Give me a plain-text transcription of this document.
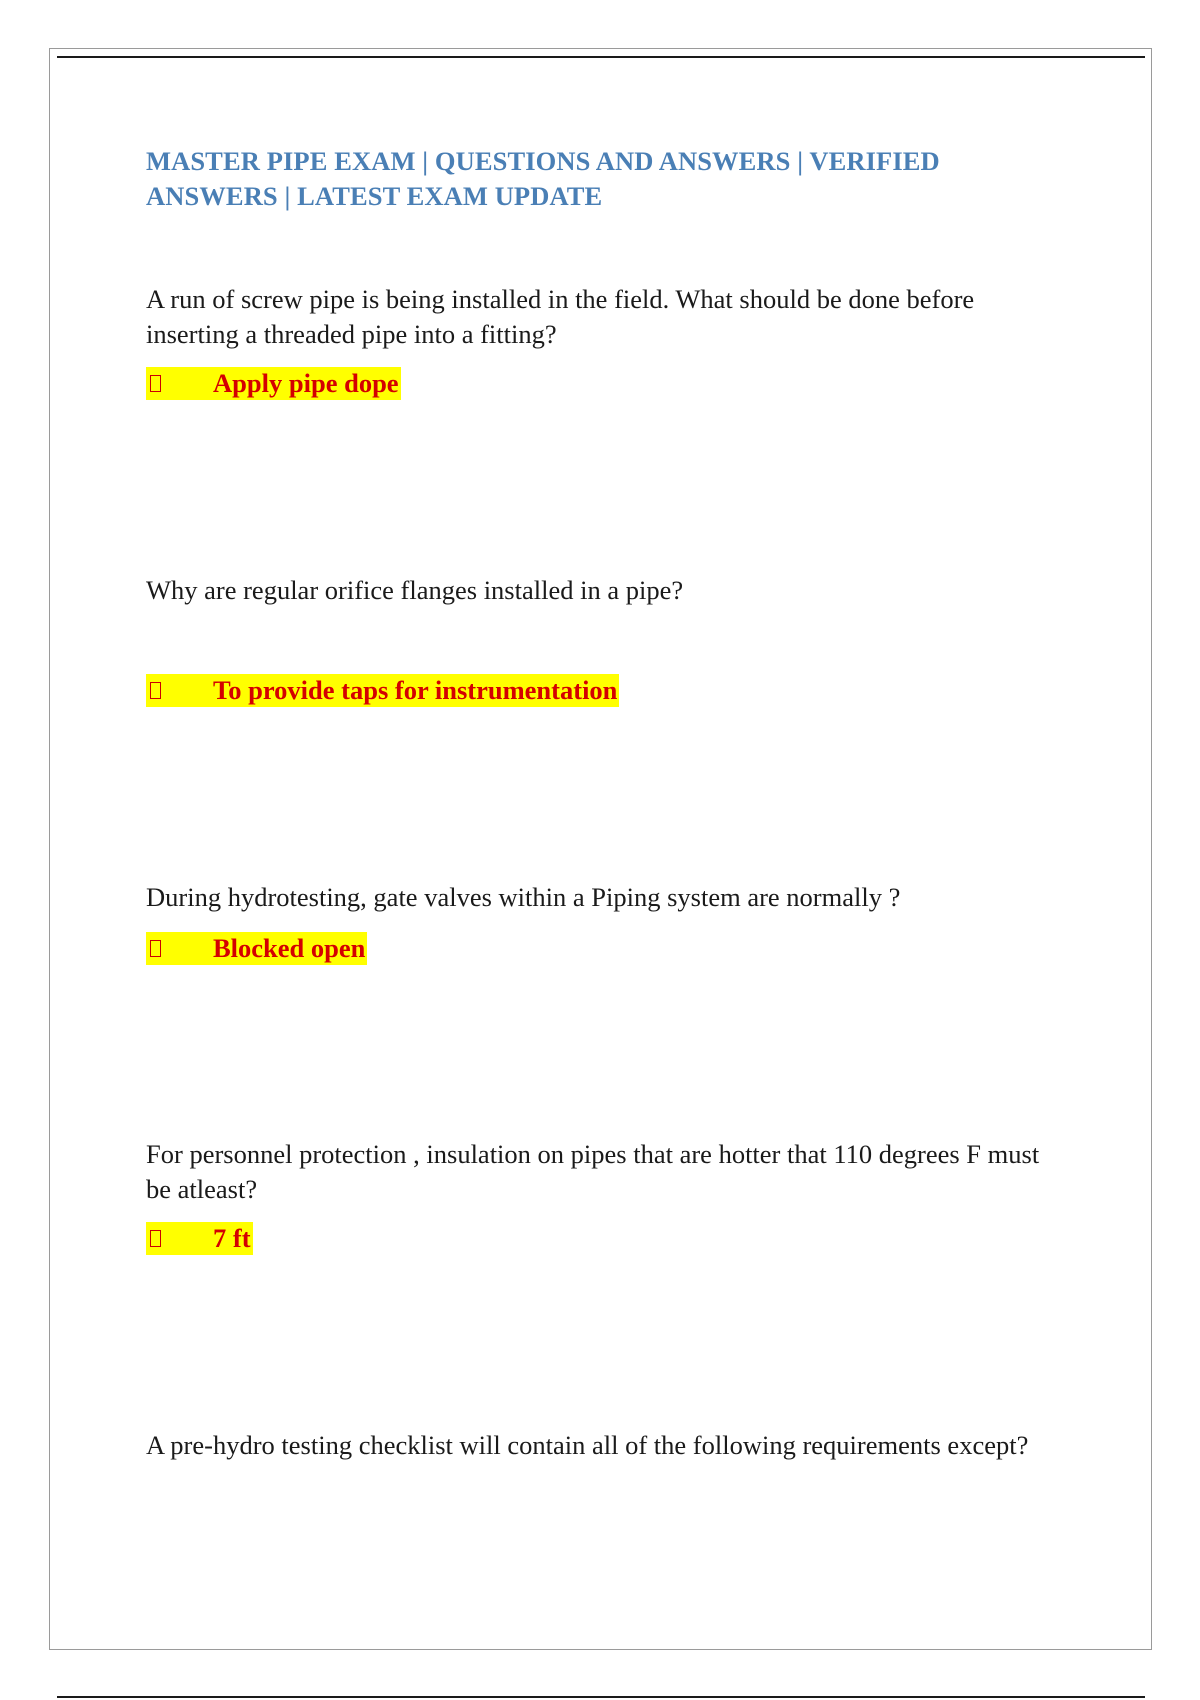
MASTER PIPE EXAM | QUESTIONS AND ANSWERS | VERIFIED ANSWERS | LATEST EXAM UPDATE

A run of screw pipe is being installed in the field. What should be done before inserting a threaded pipe into a fitting?

Apply pipe dope

Why are regular orifice flanges installed in a pipe?

To provide taps for instrumentation

During hydrotesting, gate valves within a Piping system are normally ?

Blocked open

For personnel protection , insulation on pipes that are hotter that 110 degrees F must be atleast?

7 ft

A pre-hydro testing checklist will contain all of the following requirements except?
